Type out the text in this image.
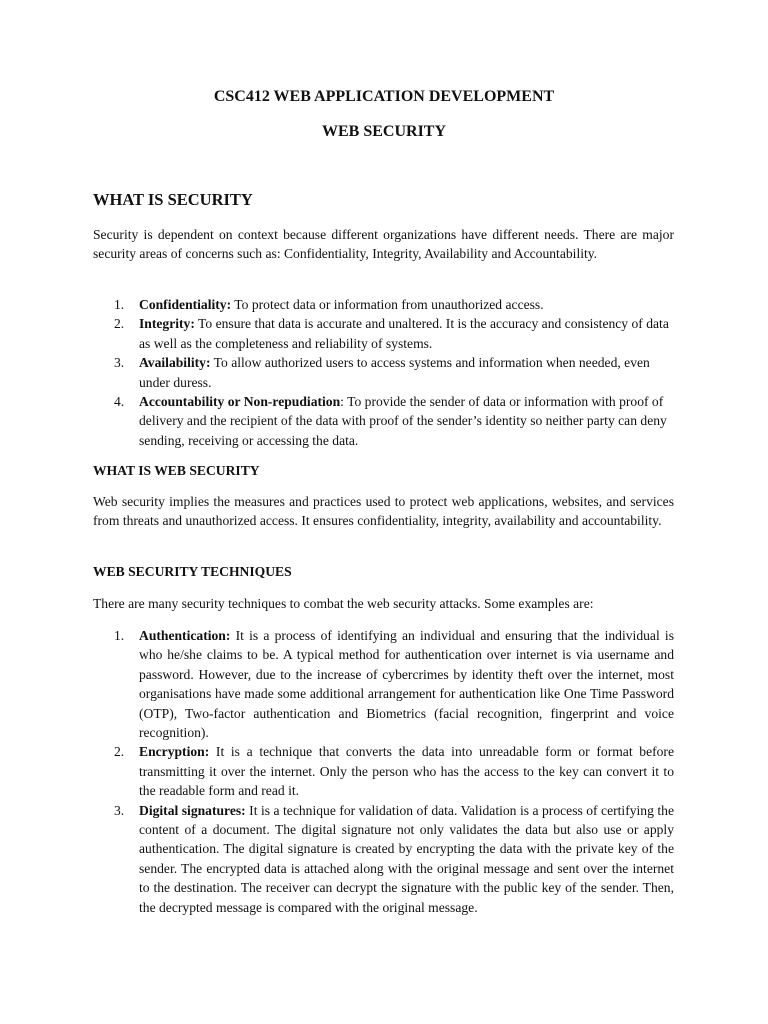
CSC412 WEB APPLICATION DEVELOPMENT
WEB SECURITY
WHAT IS SECURITY
Security is dependent on context because different organizations have different needs. There are major security areas of concerns such as: Confidentiality, Integrity, Availability and Accountability.
1. Confidentiality: To protect data or information from unauthorized access.
2. Integrity: To ensure that data is accurate and unaltered. It is the accuracy and consistency of data as well as the completeness and reliability of systems.
3. Availability: To allow authorized users to access systems and information when needed, even under duress.
4. Accountability or Non-repudiation: To provide the sender of data or information with proof of delivery and the recipient of the data with proof of the sender’s identity so neither party can deny sending, receiving or accessing the data.
WHAT IS WEB SECURITY
Web security implies the measures and practices used to protect web applications, websites, and services from threats and unauthorized access. It ensures confidentiality, integrity, availability and accountability.
WEB SECURITY TECHNIQUES
There are many security techniques to combat the web security attacks. Some examples are:
1. Authentication: It is a process of identifying an individual and ensuring that the individual is who he/she claims to be. A typical method for authentication over internet is via username and password. However, due to the increase of cybercrimes by identity theft over the internet, most organisations have made some additional arrangement for authentication like One Time Password (OTP), Two-factor authentication and Biometrics (facial recognition, fingerprint and voice recognition).
2. Encryption: It is a technique that converts the data into unreadable form or format before transmitting it over the internet. Only the person who has the access to the key can convert it to the readable form and read it.
3. Digital signatures: It is a technique for validation of data. Validation is a process of certifying the content of a document. The digital signature not only validates the data but also use or apply authentication. The digital signature is created by encrypting the data with the private key of the sender. The encrypted data is attached along with the original message and sent over the internet to the destination. The receiver can decrypt the signature with the public key of the sender. Then, the decrypted message is compared with the original message.
